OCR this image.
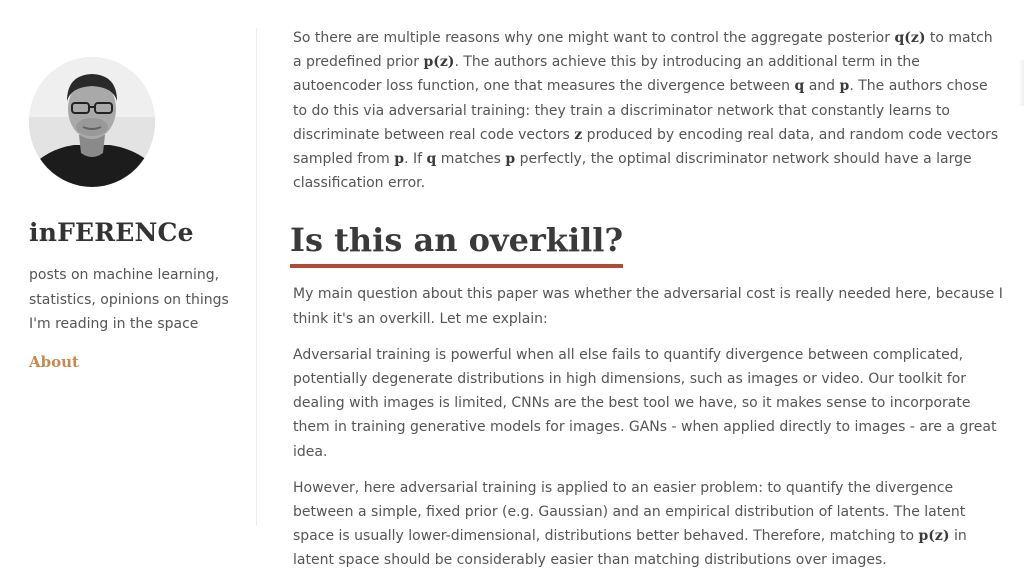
inFERENCe

posts on machine learning,
statistics, opinions on things
I'm reading in the space

About

So there are multiple reasons why one might want to control the aggregate posterior q(z) to match a predefined prior p(z). The authors achieve this by introducing an additional term in the autoencoder loss function, one that measures the divergence between q and p. The authors chose to do this via adversarial training: they train a discriminator network that constantly learns to discriminate between real code vectors z produced by encoding real data, and random code vectors sampled from p. If q matches p perfectly, the optimal discriminator network should have a large classification error.

Is this an overkill?

My main question about this paper was whether the adversarial cost is really needed here, because I think it's an overkill. Let me explain:

Adversarial training is powerful when all else fails to quantify divergence between complicated, potentially degenerate distributions in high dimensions, such as images or video. Our toolkit for dealing with images is limited, CNNs are the best tool we have, so it makes sense to incorporate them in training generative models for images. GANs - when applied directly to images - are a great idea.

However, here adversarial training is applied to an easier problem: to quantify the divergence between a simple, fixed prior (e.g. Gaussian) and an empirical distribution of latents. The latent space is usually lower-dimensional, distributions better behaved. Therefore, matching to p(z) in latent space should be considerably easier than matching distributions over images.
